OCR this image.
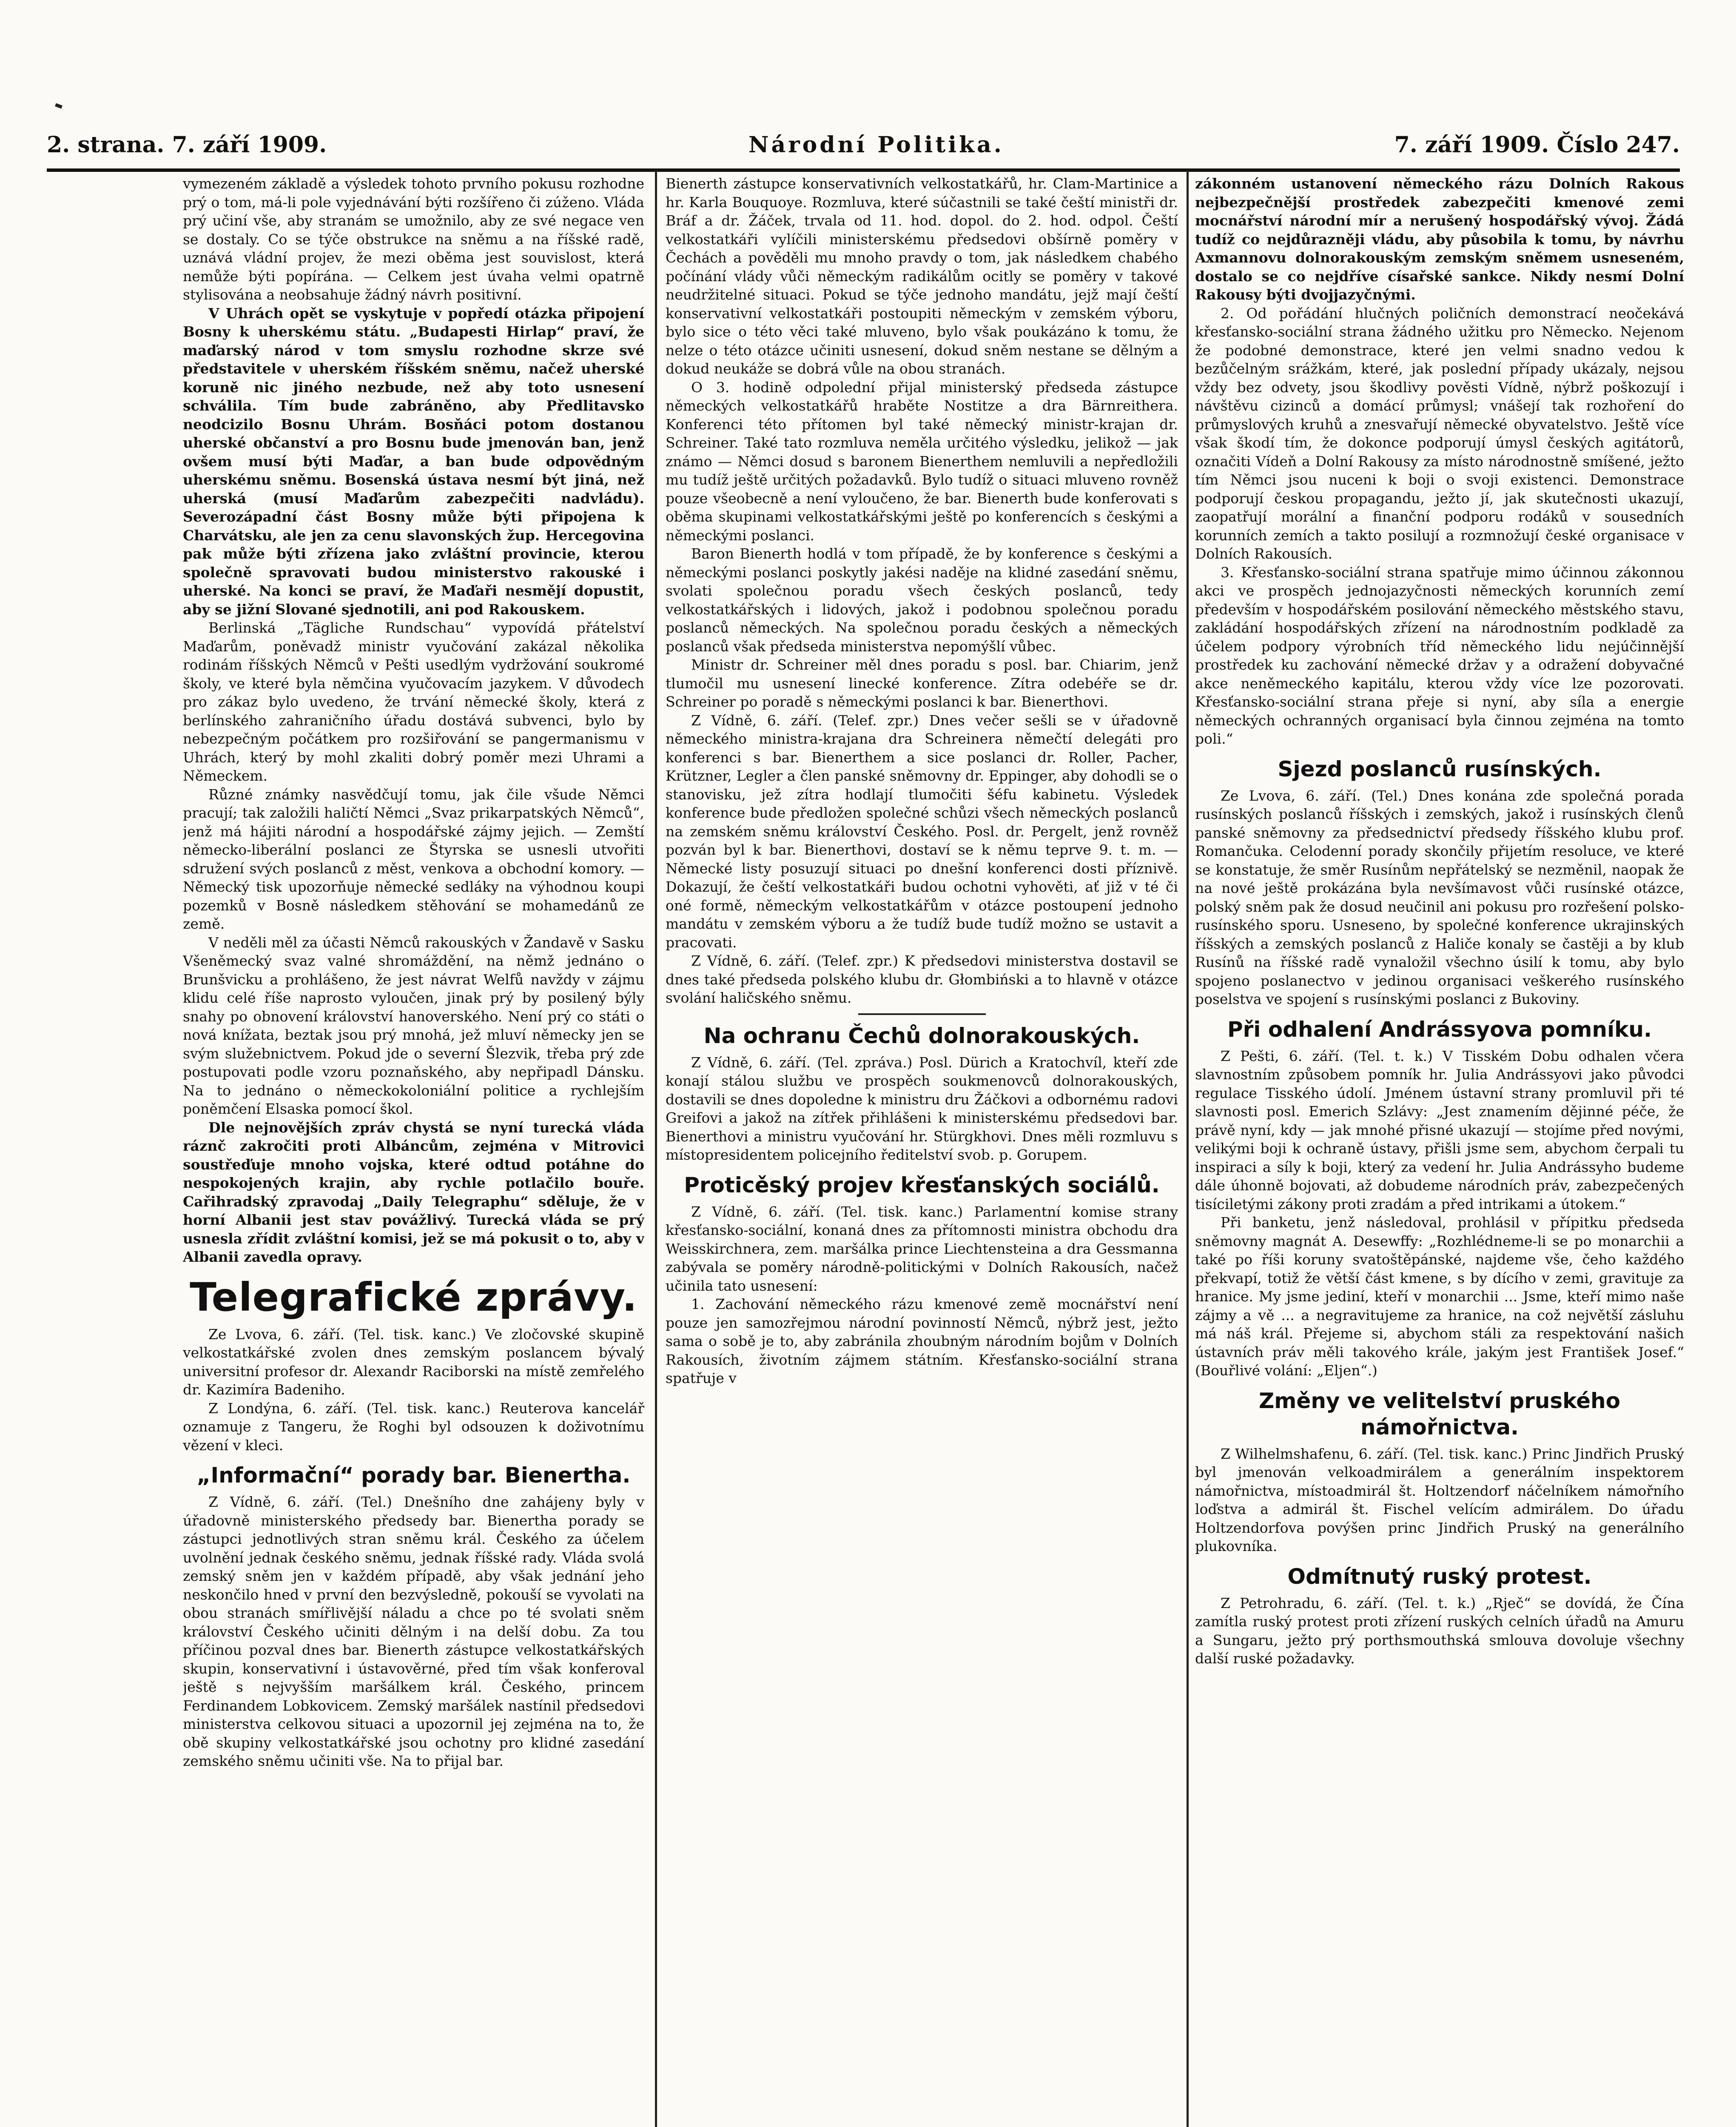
2. strana. 7. září 1909.	Národní Politika.	7. září 1909. Číslo 247.

vymezeném základě a výsledek tohoto prvního pokusu rozhodne prý o tom, má-li pole vyjednávání býti rozšířeno či zúženo. Vláda prý učiní vše, aby stranám se umožnilo, aby ze své negace ven se dostaly. Co se týče obstrukce na sněmu a na říšské radě, uznává vládní projev, že mezi oběma jest souvislost, která nemůže býti popírána. — Celkem jest úvaha velmi opatrně stylisována a neobsahuje žádný návrh positivní.

V Uhrách opět se vyskytuje v popředí otázka připojení Bosny k uherskému státu. „Budapesti Hirlap“ praví, že maďarský národ v tom smyslu rozhodne skrze své představitele v uherském říšském sněmu, načež uherské koruně nic jiného nezbude, než aby toto usnesení schválila. Tím bude zabráněno, aby Předlitavsko neodcizilo Bosnu Uhrám. Bosňáci potom dostanou uherské občanství a pro Bosnu bude jmenován ban, jenž ovšem musí býti Maďar, a ban bude odpovědným uherskému sněmu. Bosenská ústava nesmí být jiná, než uherská (musí Maďarům zabezpečiti nadvládu). Severozápadní část Bosny může býti připojena k Charvátsku, ale jen za cenu slavonských žup. Hercegovina pak může býti zřízena jako zvláštní provincie, kterou společně spravovati budou ministerstvo rakouské i uherské. Na konci se praví, že Maďaři nesmějí dopustit, aby se jižní Slované sjednotili, ani pod Rakouskem.

Berlinská „Tägliche Rundschau“ vypovídá přátelství Maďarům, poněvadž ministr vyučování zakázal několika rodinám říšských Němců v Pešti usedlým vydržování soukromé školy, ve které byla němčina vyučovacím jazykem. V důvodech pro zákaz bylo uvedeno, že trvání německé školy, která z berlínského zahraničního úřadu dostává subvenci, bylo by nebezpečným počátkem pro rozšiřování se pangermanismu v Uhrách, který by mohl zkaliti dobrý poměr mezi Uhrami a Německem.

Různé známky nasvědčují tomu, jak čile všude Němci pracují; tak založili haličtí Němci „Svaz prikarpatských Němců“, jenž má hájiti národní a hospodářské zájmy jejich. — Zemští německo-liberální poslanci ze Štyrska se usnesli utvořiti sdružení svých poslanců z měst, venkova a obchodní komory. — Německý tisk upozorňuje německé sedláky na výhodnou koupi pozemků v Bosně následkem stěhování se mohamedánů ze země.

V neděli měl za účasti Němců rakouských v Žandavě v Sasku Všeněmecký svaz valné shromáždění, na němž jednáno o Brunšvicku a prohlášeno, že jest návrat Welfů navždy v zájmu klidu celé říše naprosto vyloučen, jinak prý by posilený býly snahy po obnovení království hanoverského. Není prý co státi o nová knížata, beztak jsou prý mnohá, jež mluví německy jen se svým služebnictvem. Pokud jde o severní Šlezvik, třeba prý zde postupovati podle vzoru poznaňského, aby nepřipadl Dánsku. Na to jednáno o německokoloniální politice a rychlejším poněmčení Elsaska pomocí škol.

Dle nejnovějších zpráv chystá se nyní turecká vláda ráznč zakročiti proti Albáncům, zejména v Mitrovici soustřeďuje mnoho vojska, které odtud potáhne do nespokojených krajin, aby rychle potlačilo bouře. Cařihradský zpravodaj „Daily Telegraphu“ sděluje, že v horní Albanii jest stav povážlivý. Turecká vláda se prý usnesla zřídit zvláštní komisi, jež se má pokusit o to, aby v Albanii zavedla opravy.

Telegrafické zprávy.

Ze Lvova, 6. září. (Tel. tisk. kanc.) Ve zločovské skupině velkostatkářské zvolen dnes zemským poslancem bývalý universitní profesor dr. Alexandr Raciborski na místě zemřelého dr. Kazimíra Badeniho.

Z Londýna, 6. září. (Tel. tisk. kanc.) Reuterova kancelář oznamuje z Tangeru, že Roghi byl odsouzen k doživotnímu vězení v kleci.

„Informační“ porady bar. Bienertha.

Z Vídně, 6. září. (Tel.) Dnešního dne zahájeny byly v úřadovně ministerského předsedy bar. Bienertha porady se zástupci jednotlivých stran sněmu král. Českého za účelem uvolnění jednak českého sněmu, jednak říšské rady. Vláda svolá zemský sněm jen v každém případě, aby však jednání jeho neskončilo hned v první den bezvýsledně, pokouší se vyvolati na obou stranách smířlivější náladu a chce po té svolati sněm království Českého učiniti dělným i na delší dobu. Za tou příčinou pozval dnes bar. Bienerth zástupce velkostatkářských skupin, konservativní i ústavověrné, před tím však konferoval ještě s nejvyšším maršálkem král. Českého, princem Ferdinandem Lobkovicem. Zemský maršálek nastínil předsedovi ministerstva celkovou situaci a upozornil jej zejména na to, že obě skupiny velkostatkářské jsou ochotny pro klidné zasedání zemského sněmu učiniti vše. Na to přijal bar.

Bienerth zástupce konservativních velkostatkářů, hr. Clam-Martinice a hr. Karla Bouquoye. Rozmluva, které súčastnili se také čeští ministři dr. Bráf a dr. Žáček, trvala od 11. hod. dopol. do 2. hod. odpol. Čeští velkostatkáři vylíčili ministerskému předsedovi obšírně poměry v Čechách a pověděli mu mnoho pravdy o tom, jak následkem chabého počínání vlády vůči německým radikálům ocitly se poměry v takové neudržitelné situaci. Pokud se týče jednoho mandátu, jejž mají čeští konservativní velkostatkáři postoupiti německým v zemském výboru, bylo sice o této věci také mluveno, bylo však poukázáno k tomu, že nelze o této otázce učiniti usnesení, dokud sněm nestane se dělným a dokud neukáže se dobrá vůle na obou stranách.

O 3. hodině odpolední přijal ministerský předseda zástupce německých velkostatkářů hraběte Nostitze a dra Bärnreithera. Konferenci této přítomen byl také německý ministr-krajan dr. Schreiner. Také tato rozmluva neměla určitého výsledku, jelikož — jak známo — Němci dosud s baronem Bienerthem nemluvili a nepředložili mu tudíž ještě určitých požadavků. Bylo tudíž o situaci mluveno rovněž pouze všeobecně a není vyloučeno, že bar. Bienerth bude konferovati s oběma skupinami velkostatkářskými ještě po konferencích s českými a německými poslanci.

Baron Bienerth hodlá v tom případě, že by konference s českými a německými poslanci poskytly jakési naděje na klidné zasedání sněmu, svolati společnou poradu všech českých poslanců, tedy velkostatkářských i lidových, jakož i podobnou společnou poradu poslanců německých. Na společnou poradu českých a německých poslanců však předseda ministerstva nepomýšlí vůbec.

Ministr dr. Schreiner měl dnes poradu s posl. bar. Chiarim, jenž tlumočil mu usnesení linecké konference. Zítra odebéře se dr. Schreiner po poradě s německými poslanci k bar. Bienerthovi.

Z Vídně, 6. září. (Telef. zpr.) Dnes večer sešli se v úřadovně německého ministra-krajana dra Schreinera němečtí delegáti pro konferenci s bar. Bienerthem a sice poslanci dr. Roller, Pacher, Krützner, Legler a člen panské sněmovny dr. Eppinger, aby dohodli se o stanovisku, jež zítra hodlají tlumočiti šéfu kabinetu. Výsledek konference bude předložen společné schůzi všech německých poslanců na zemském sněmu království Českého. Posl. dr. Pergelt, jenž rovněž pozván byl k bar. Bienerthovi, dostaví se k němu teprve 9. t. m. — Německé listy posuzují situaci po dnešní konferenci dosti příznivě. Dokazují, že čeští velkostatkáři budou ochotni vyhověti, ať již v té či oné formě, německým velkostatkářům v otázce postoupení jednoho mandátu v zemském výboru a že tudíž bude tudíž možno se ustavit a pracovati.

Z Vídně, 6. září. (Telef. zpr.) K předsedovi ministerstva dostavil se dnes také předseda polského klubu dr. Głombiński a to hlavně v otázce svolání haličského sněmu.

Na ochranu Čechů dolnorakouských.

Z Vídně, 6. září. (Tel. zpráva.) Posl. Dürich a Kratochvíl, kteří zde konají stálou službu ve prospěch soukmenovců dolnorakouských, dostavili se dnes dopoledne k ministru dru Žáčkovi a odbornému radovi Greifovi a jakož na zítřek přihlášeni k ministerskému předsedovi bar. Bienerthovi a ministru vyučování hr. Stürgkhovi. Dnes měli rozmluvu s místopresidentem policejního ředitelství svob. p. Gorupem.

Proticěský projev křesťanských sociálů.

Z Vídně, 6. září. (Tel. tisk. kanc.) Parlamentní komise strany křesťansko-sociální, konaná dnes za přítomnosti ministra obchodu dra Weisskirchnera, zem. maršálka prince Liechtensteina a dra Gessmanna zabývala se poměry národně-politickými v Dolních Rakousích, načež učinila tato usnesení:

1. Zachování německého rázu kmenové země mocnářství není pouze jen samozřejmou národní povinností Němců, nýbrž jest, ježto sama o sobě je to, aby zabránila zhoubným národním bojům v Dolních Rakousích, životním zájmem státním. Křesťansko-sociální strana spatřuje v

zákonném ustanovení německého rázu Dolních Rakous nejbezpečnější prostředek zabezpečiti kmenové zemi mocnářství národní mír a nerušený hospodářský vývoj. Žádá tudíž co nejdůrazněji vládu, aby působila k tomu, by návrhu Axmannovu dolnorakouským zemským sněmem usneseném, dostalo se co nejdříve císařské sankce. Nikdy nesmí Dolní Rakousy býti dvojjazyčnými.

2. Od pořádání hlučných poličních demonstrací neočekává křesťansko-sociální strana žádného užitku pro Německo. Nejenom že podobné demonstrace, které jen velmi snadno vedou k bezůčelným srážkám, které, jak poslední případy ukázaly, nejsou vždy bez odvety, jsou škodlivy pověsti Vídně, nýbrž poškozují i návštěvu cizinců a domácí průmysl; vnášejí tak rozhoření do průmyslových kruhů a znesvařují německé obyvatelstvo. Ještě více však škodí tím, že dokonce podporují úmysl českých agitátorů, označiti Vídeň a Dolní Rakousy za místo národnostně smíšené, ježto tím Němci jsou nuceni k boji o svoji existenci. Demonstrace podporují českou propagandu, ježto jí, jak skutečnosti ukazují, zaopatřují morální a finanční podporu rodáků v sousedních korunních zemích a takto posilují a rozmnožují české organisace v Dolních Rakousích.

3. Křesťansko-sociální strana spatřuje mimo účinnou zákonnou akci ve prospěch jednojazyčnosti německých korunních zemí především v hospodářském posilování německého městského stavu, zakládání hospodářských zřízení na národnostním podkladě za účelem podpory výrobních tříd německého lidu nejúčinnější prostředek ku zachování německé držav y a odražení dobyvačné akce neněmeckého kapitálu, kterou vždy více lze pozorovati. Křesťansko-sociální strana přeje si nyní, aby síla a energie německých ochranných organisací byla činnou zejména na tomto poli.“

Sjezd poslanců rusínských.

Ze Lvova, 6. září. (Tel.) Dnes konána zde společná porada rusínských poslanců říšských i zemských, jakož i rusínských členů panské sněmovny za předsednictví předsedy říšského klubu prof. Romančuka. Celodenní porady skončily přijetím resoluce, ve které se konstatuje, že směr Rusínům nepřátelský se nezměnil, naopak že na nové ještě prokázána byla nevšímavost vůči rusínské otázce, polský sněm pak že dosud neučinil ani pokusu pro rozřešení polsko-rusínského sporu. Usneseno, by společné konference ukrajinských říšských a zemských poslanců z Haliče konaly se častěji a by klub Rusínů na říšské radě vynaložil všechno úsilí k tomu, aby bylo spojeno poslanectvo v jedinou organisaci veškerého rusínského poselstva ve spojení s rusínskými poslanci z Bukoviny.

Při odhalení Andrássyova pomníku.

Z Pešti, 6. září. (Tel. t. k.) V Tisském Dobu odhalen včera slavnostním způsobem pomník hr. Julia Andrássyovi jako původci regulace Tisského údolí. Jménem ústavní strany promluvil při té slavnosti posl. Emerich Szlávy: „Jest znamením dějinné péče, že právě nyní, kdy — jak mnohé přisné ukazují — stojíme před novými, velikými boji k ochraně ústavy, přišli jsme sem, abychom čerpali tu inspiraci a síly k boji, který za vedení hr. Julia Andrássyho budeme dále úhonně bojovati, až dobudeme národních práv, zabezpečených tisíciletými zákony proti zradám a před intrikami a útokem.“

Při banketu, jenž následoval, prohlásil v přípitku předseda sněmovny magnát A. Desewffy: „Rozhlédneme-li se po monarchii a také po říši koruny svatoštěpánské, najdeme vše, čeho každého překvapí, totiž že větší část kmene, s by dícího v zemi, gravituje za hranice. My jsme jediní, kteří v monarchii ... Jsme, kteří mimo naše zájmy a vě ... a negravitujeme za hranice, na což největší zásluhu má náš král. Přejeme si, abychom stáli za respektování našich ústavních práv měli takového krále, jakým jest František Josef.“ (Bouřlivé volání: „Eljen“.)

Změny ve velitelství pruského námořnictva.

Z Wilhelmshafenu, 6. září. (Tel. tisk. kanc.) Princ Jindřich Pruský byl jmenován velkoadmirálem a generálním inspektorem námořnictva, místoadmirál št. Holtzendorf náčelníkem námořního loďstva a admirál št. Fischel velícím admirálem. Do úřadu Holtzendorfova povýšen princ Jindřich Pruský na generálního plukovníka.

Odmítnutý ruský protest.

Z Petrohradu, 6. září. (Tel. t. k.) „Rječ“ se dovídá, že Čína zamítla ruský protest proti zřízení ruských celních úřadů na Amuru a Sungaru, ježto prý porthsmouthská smlouva dovoluje všechny další ruské požadavky.
